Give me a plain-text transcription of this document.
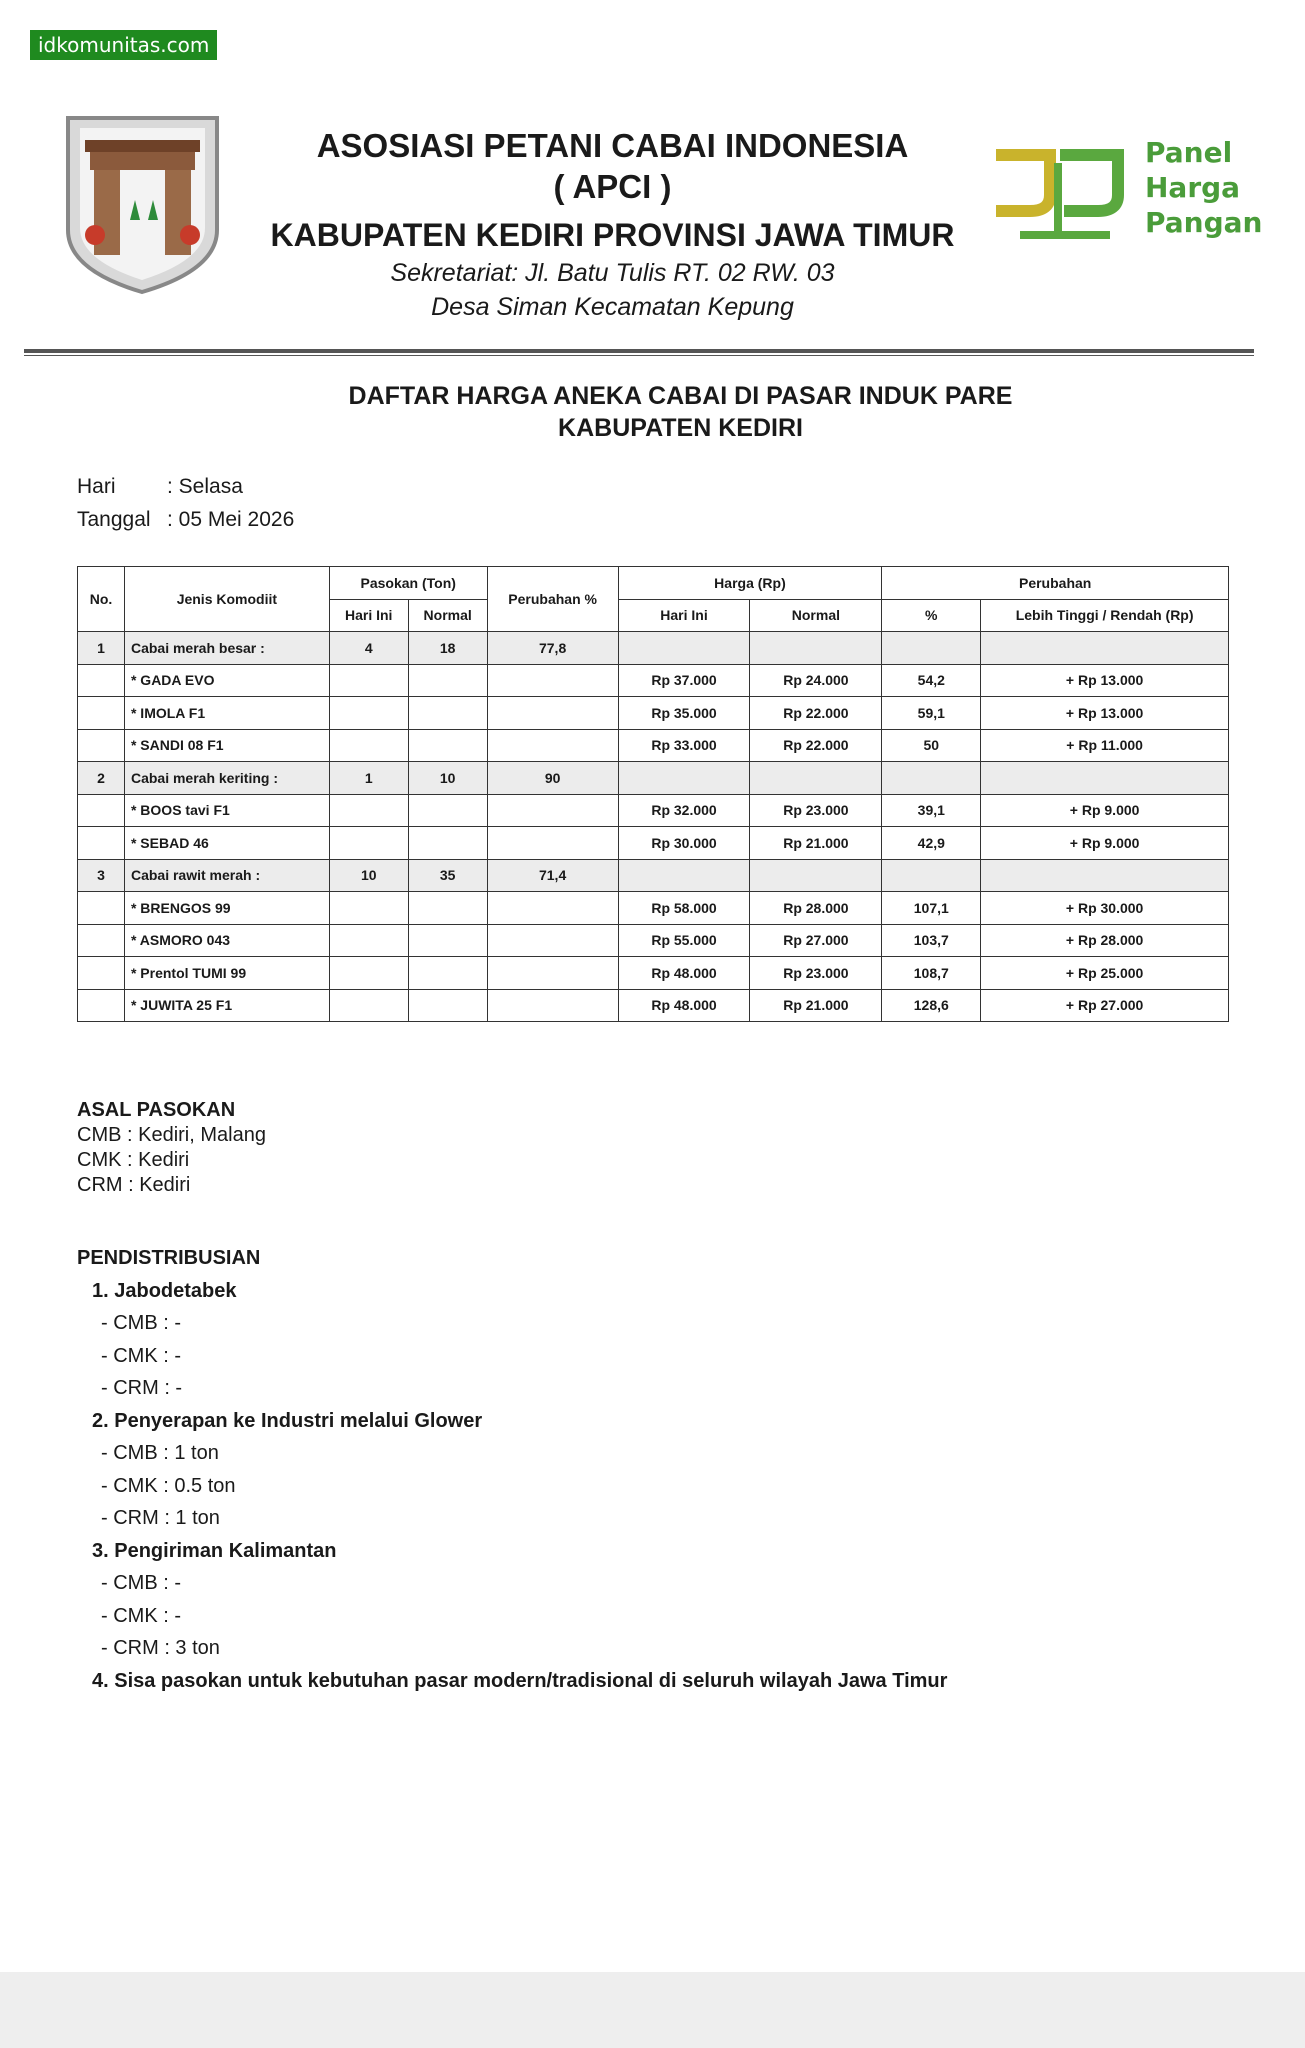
idkomunitas.com
ASOSIASI PETANI CABAI INDONESIA
( APCI )
KABUPATEN KEDIRI PROVINSI JAWA TIMUR
Sekretariat: Jl. Batu Tulis RT. 02 RW. 03
Desa Siman Kecamatan Kepung
Panel
Harga
Pangan
DAFTAR HARGA ANEKA CABAI DI PASAR INDUK PARE
KABUPATEN KEDIRI
Hari : Selasa
Tanggal : 05 Mei 2026
No.	Jenis Komodiit	Pasokan (Ton)		Perubahan %	Harga (Rp)		Perubahan	
		Hari Ini	Normal		Hari Ini	Normal	%	Lebih Tinggi / Rendah (Rp)
1	Cabai merah besar :	4	18	77,8				
	* GADA EVO				Rp 37.000	Rp 24.000	54,2	+ Rp 13.000
	* IMOLA F1				Rp 35.000	Rp 22.000	59,1	+ Rp 13.000
	* SANDI 08 F1				Rp 33.000	Rp 22.000	50	+ Rp 11.000
2	Cabai merah keriting :	1	10	90				
	* BOOS tavi F1				Rp 32.000	Rp 23.000	39,1	+ Rp 9.000
	* SEBAD 46				Rp 30.000	Rp 21.000	42,9	+ Rp 9.000
3	Cabai rawit merah :	10	35	71,4				
	* BRENGOS 99				Rp 58.000	Rp 28.000	107,1	+ Rp 30.000
	* ASMORO 043				Rp 55.000	Rp 27.000	103,7	+ Rp 28.000
	* Prentol TUMI 99				Rp 48.000	Rp 23.000	108,7	+ Rp 25.000
	* JUWITA 25 F1				Rp 48.000	Rp 21.000	128,6	+ Rp 27.000
ASAL PASOKAN
CMB : Kediri, Malang
CMK : Kediri
CRM : Kediri
PENDISTRIBUSIAN
1. Jabodetabek
- CMB : -
- CMK : -
- CRM : -
2. Penyerapan ke Industri melalui Glower
- CMB : 1 ton
- CMK : 0.5 ton
- CRM : 1 ton
3. Pengiriman Kalimantan
- CMB : -
- CMK : -
- CRM : 3 ton
4. Sisa pasokan untuk kebutuhan pasar modern/tradisional di seluruh wilayah Jawa Timur
